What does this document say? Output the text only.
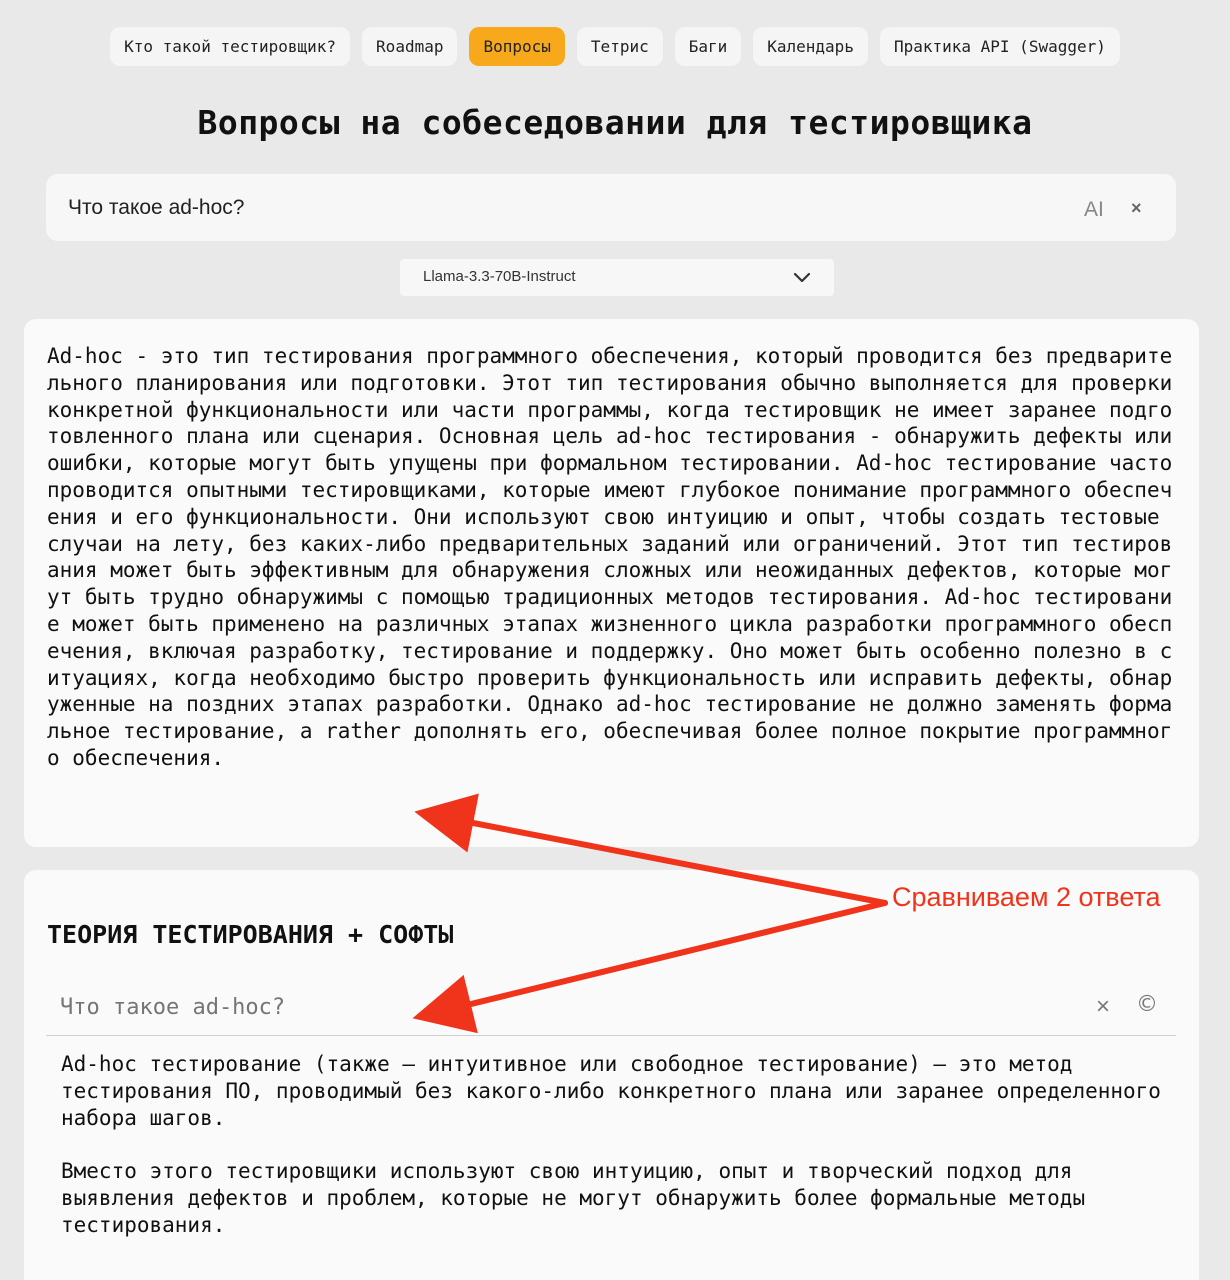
Кто такой тестировщик?	Roadmap	Вопросы	Тетрис	Баги	Календарь	Практика API (Swagger)
Вопросы на собеседовании для тестировщика
Что такое ad-hoc?
AI ×
Llama-3.3-70B-Instruct
Ad-hoc - это тип тестирования программного обеспечения, который проводится без предварительного планирования или подготовки. Этот тип тестирования обычно выполняется для проверки конкретной функциональности или части программы, когда тестировщик не имеет заранее подготовленного плана или сценария. Основная цель ad-hoc тестирования - обнаружить дефекты или ошибки, которые могут быть упущены при формальном тестировании. Ad-hoc тестирование часто проводится опытными тестировщиками, которые имеют глубокое понимание программного обеспечения и его функциональности. Они используют свою интуицию и опыт, чтобы создать тестовые случаи на лету, без каких-либо предварительных заданий или ограничений. Этот тип тестирования может быть эффективным для обнаружения сложных или неожиданных дефектов, которые могут быть трудно обнаружимы с помощью традиционных методов тестирования. Ad-hoc тестирование может быть применено на различных этапах жизненного цикла разработки программного обеспечения, включая разработку, тестирование и поддержку. Оно может быть особенно полезно в ситуациях, когда необходимо быстро проверить функциональность или исправить дефекты, обнаруженные на поздних этапах разработки. Однако ad-hoc тестирование не должно заменять формальное тестирование, а rather дополнять его, обеспечивая более полное покрытие программного обеспечения.
ТЕОРИЯ ТЕСТИРОВАНИЯ + СОФТЫ
Что такое ad-hoc?
× ©

Ad-hoc тестирование (также — интуитивное или свободное тестирование) — это метод тестирования ПО, проводимый без какого-либо конкретного плана или заранее определенного набора шагов.

Вместо этого тестировщики используют свою интуицию, опыт и творческий подход для выявления дефектов и проблем, которые не могут обнаружить более формальные методы тестирования.

Сравниваем 2 ответа
